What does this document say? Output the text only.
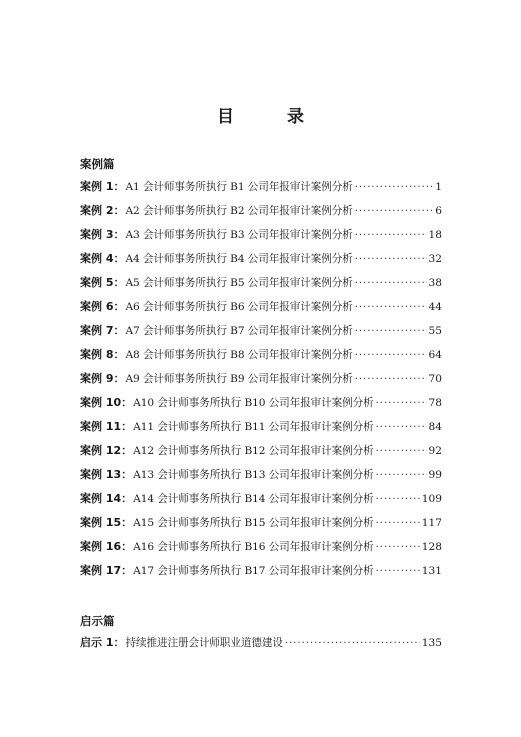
目　录
案例篇
案例 1 ： A1 会计师事务所执行 B1 公司年报审计案例分析 ·····	1
案例 2 ： A2 会计师事务所执行 B2 公司年报审计案例分析 ·····	6
案例 3 ： A3 会计师事务所执行 B3 公司年报审计案例分析 ·····	18
案例 4 ： A4 会计师事务所执行 B4 公司年报审计案例分析 ·····	32
案例 5 ： A5 会计师事务所执行 B5 公司年报审计案例分析 ·····	38
案例 6 ： A6 会计师事务所执行 B6 公司年报审计案例分析 ·····	44
案例 7 ： A7 会计师事务所执行 B7 公司年报审计案例分析 ·····	55
案例 8 ： A8 会计师事务所执行 B8 公司年报审计案例分析 ·····	64
案例 9 ： A9 会计师事务所执行 B9 公司年报审计案例分析 ·····	70
案例 10 ： A10 会计师事务所执行 B10 公司年报审计案例分析 ·····	78
案例 11 ： A11 会计师事务所执行 B11 公司年报审计案例分析 ·····	84
案例 12 ： A12 会计师事务所执行 B12 公司年报审计案例分析 ·····	92
案例 13 ： A13 会计师事务所执行 B13 公司年报审计案例分析 ·····	99
案例 14 ： A14 会计师事务所执行 B14 公司年报审计案例分析 ·····	109
案例 15 ： A15 会计师事务所执行 B15 公司年报审计案例分析 ·····	117
案例 16 ： A16 会计师事务所执行 B16 公司年报审计案例分析 ·····	128
案例 17 ： A17 会计师事务所执行 B17 公司年报审计案例分析 ·····	131
启示篇
启示 1 ： 持续推进注册会计师职业道德建设 ·····	135
